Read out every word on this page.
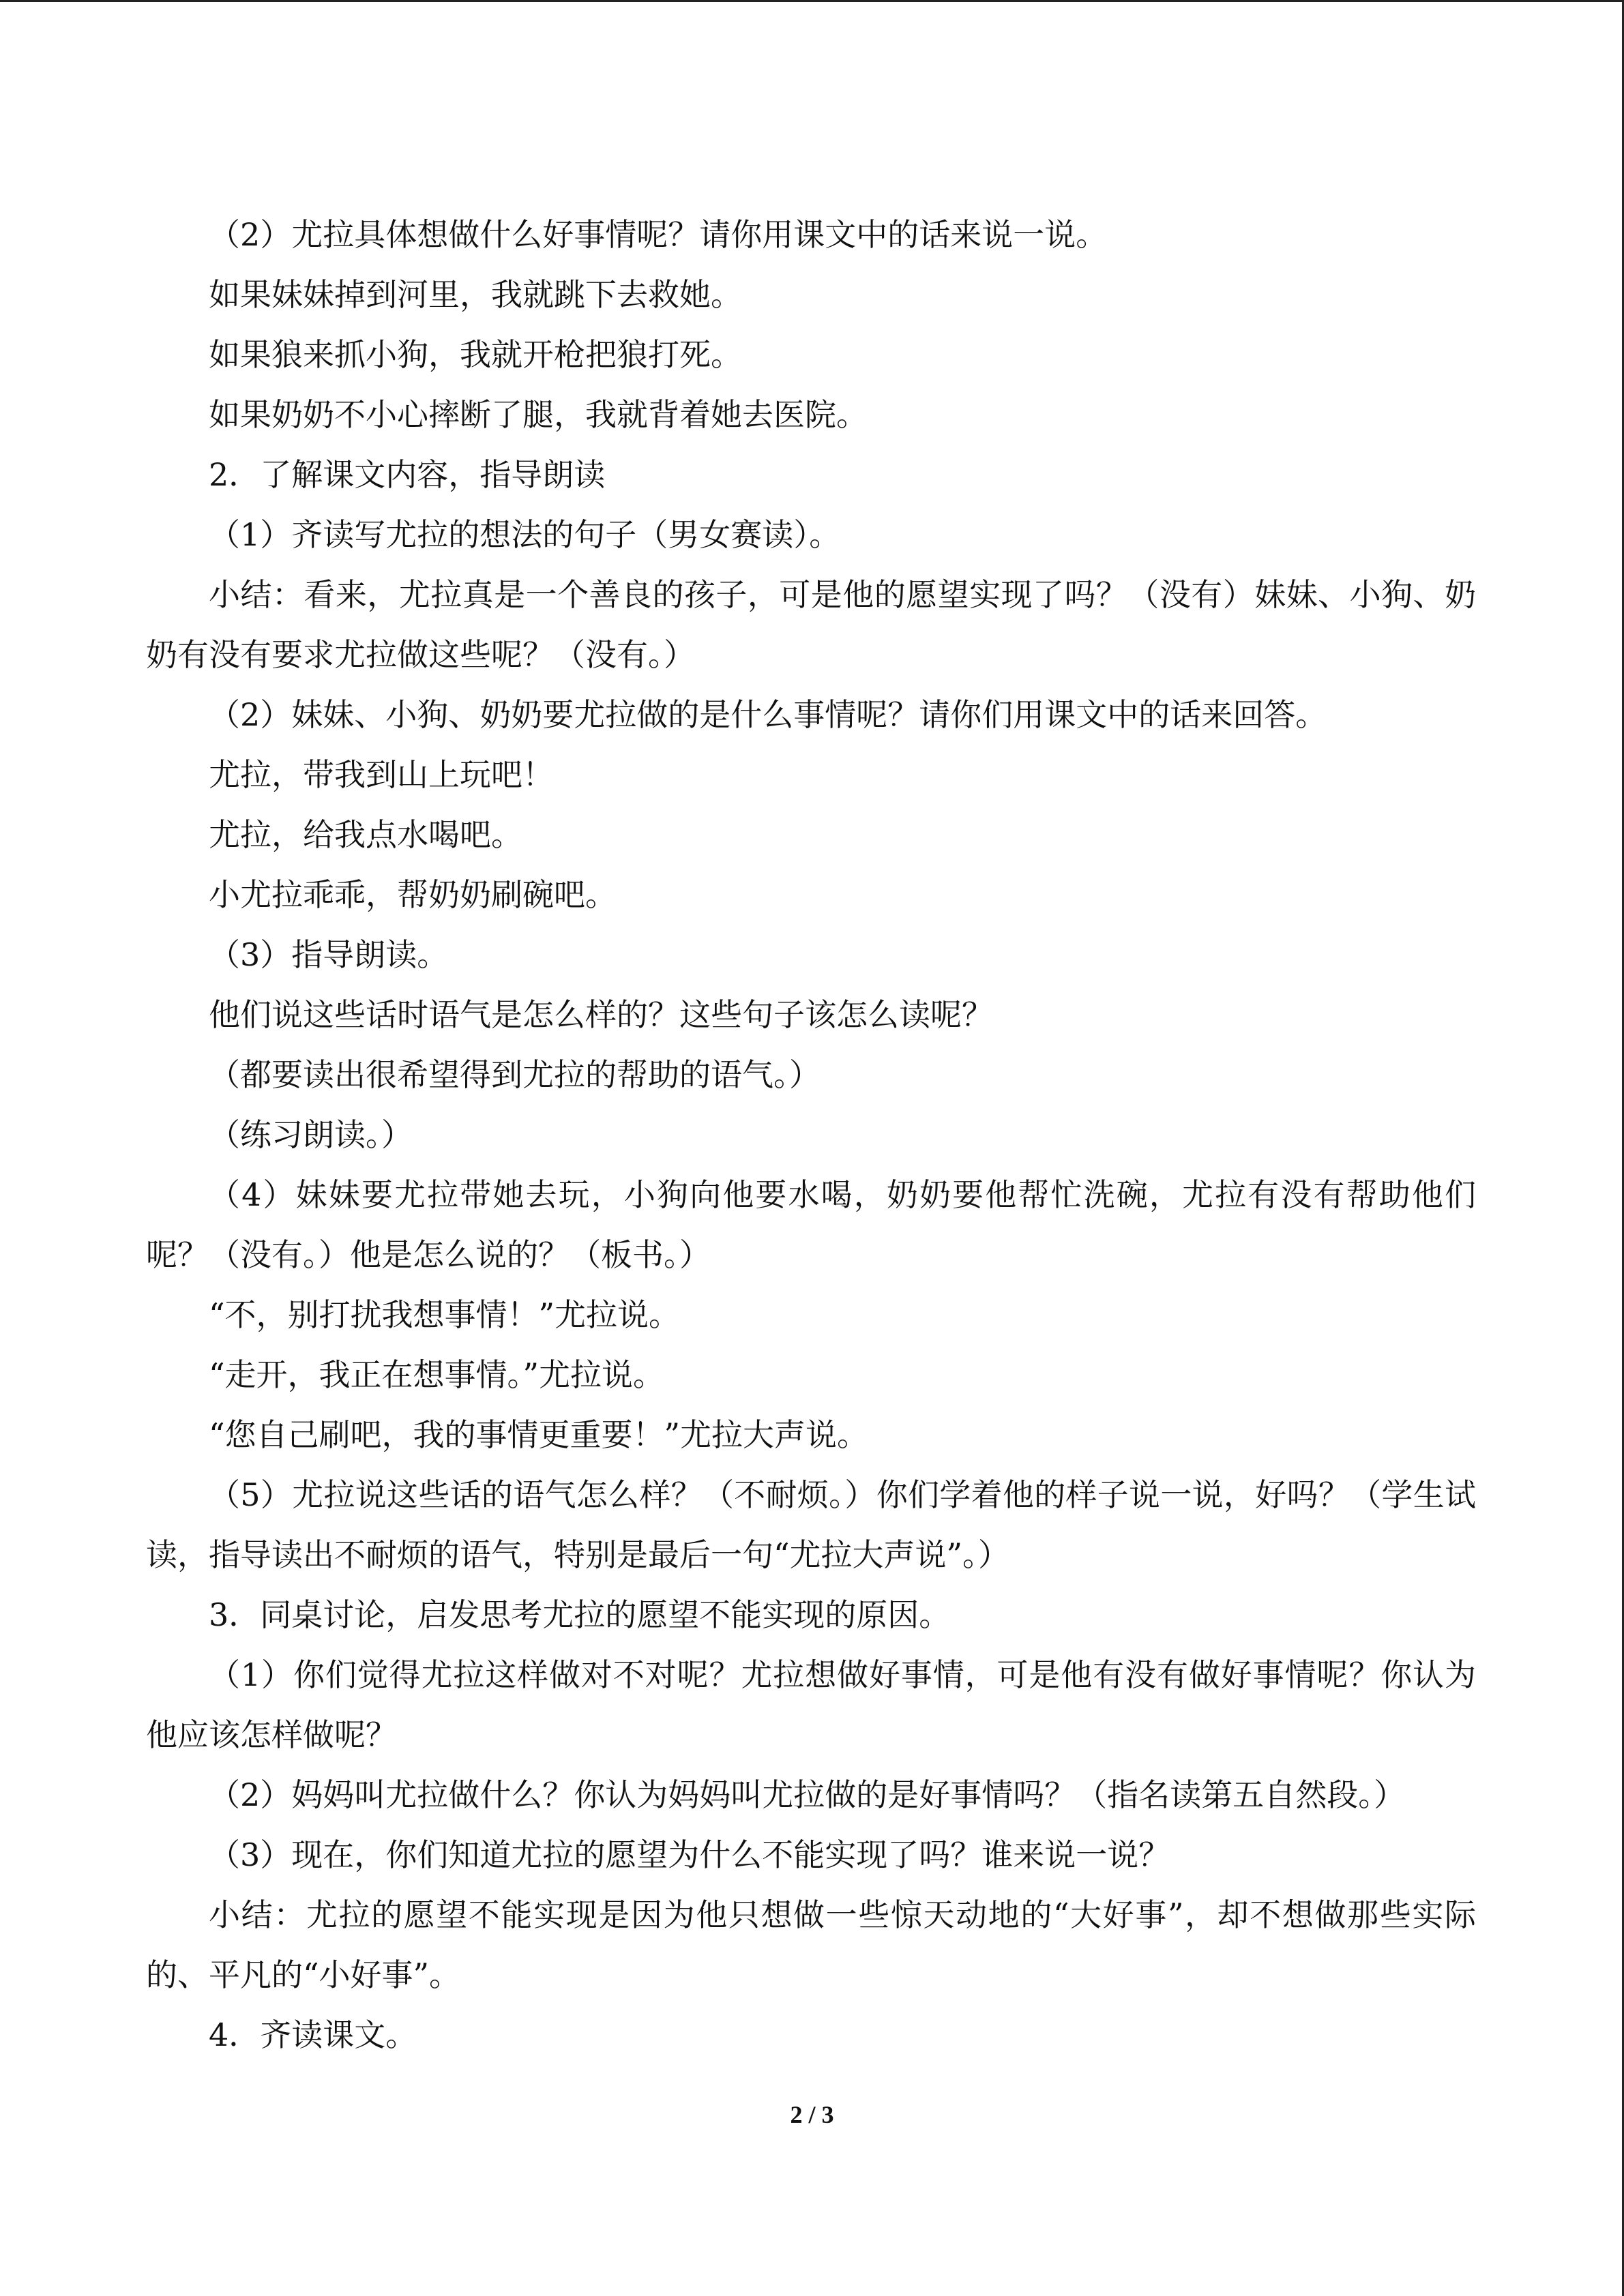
（2）尤拉具体想做什么好事情呢？请你用课文中的话来说一说。

如果妹妹掉到河里，我就跳下去救她。

如果狼来抓小狗，我就开枪把狼打死。

如果奶奶不小心摔断了腿，我就背着她去医院。

2．了解课文内容，指导朗读

（1）齐读写尤拉的想法的句子（男女赛读）。

小结：看来，尤拉真是一个善良的孩子，可是他的愿望实现了吗？（没有）妹妹、小狗、奶奶有没有要求尤拉做这些呢？（没有。）

（2）妹妹、小狗、奶奶要尤拉做的是什么事情呢？请你们用课文中的话来回答。

尤拉，带我到山上玩吧！

尤拉，给我点水喝吧。

小尤拉乖乖，帮奶奶刷碗吧。

（3）指导朗读。

他们说这些话时语气是怎么样的？这些句子该怎么读呢？

（都要读出很希望得到尤拉的帮助的语气。）

（练习朗读。）

（4）妹妹要尤拉带她去玩，小狗向他要水喝，奶奶要他帮忙洗碗，尤拉有没有帮助他们呢？（没有。）他是怎么说的？（板书。）

“不，别打扰我想事情！”尤拉说。

“走开，我正在想事情。”尤拉说。

“您自己刷吧，我的事情更重要！”尤拉大声说。

（5）尤拉说这些话的语气怎么样？（不耐烦。）你们学着他的样子说一说，好吗？（学生试读，指导读出不耐烦的语气，特别是最后一句“尤拉大声说”。）

3．同桌讨论，启发思考尤拉的愿望不能实现的原因。

（1）你们觉得尤拉这样做对不对呢？尤拉想做好事情，可是他有没有做好事情呢？你认为他应该怎样做呢？

（2）妈妈叫尤拉做什么？你认为妈妈叫尤拉做的是好事情吗？（指名读第五自然段。）

（3）现在，你们知道尤拉的愿望为什么不能实现了吗？谁来说一说？

小结：尤拉的愿望不能实现是因为他只想做一些惊天动地的“大好事”，却不想做那些实际的、平凡的“小好事”。

4．齐读课文。

2 / 3
